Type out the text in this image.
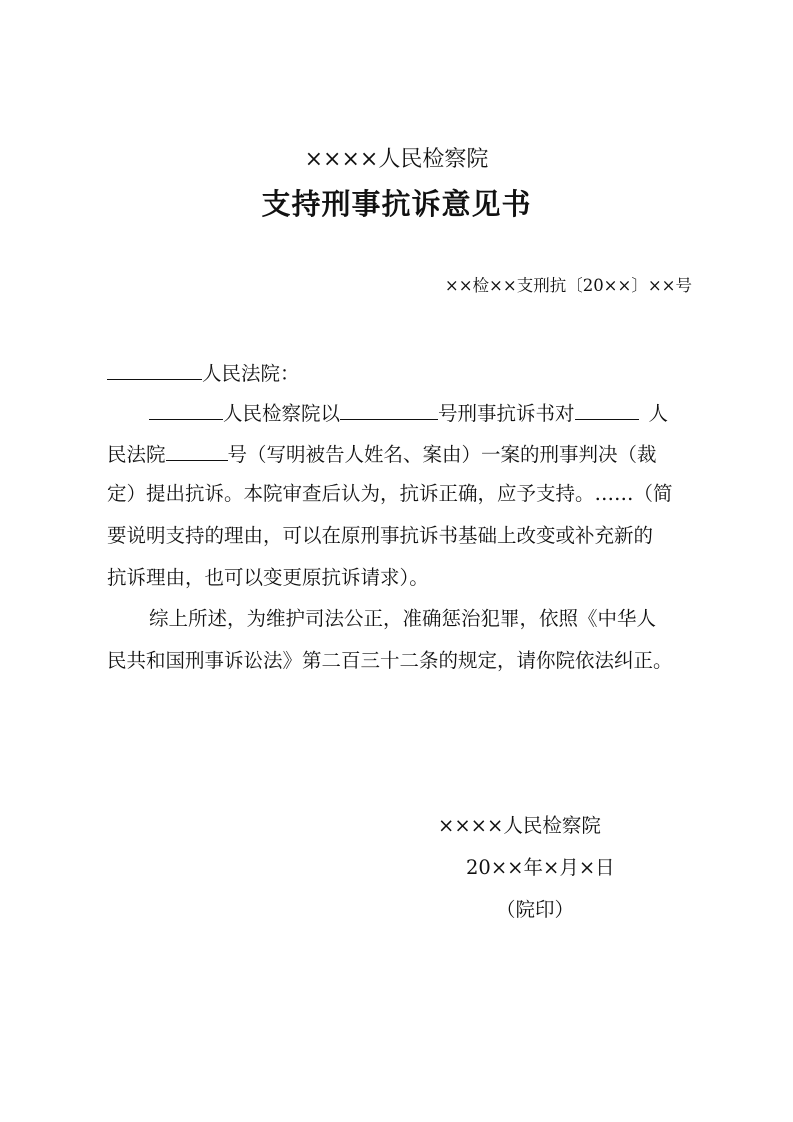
××××人民检察院
支持刑事抗诉意见书
××检××支刑抗〔20××〕××号
人民法院：
人民检察院以	号刑事抗诉书对	人
民法院	号（写明被告人姓名、案由）一案的刑事判决（裁
定）提出抗诉。本院审查后认为，抗诉正确，应予支持。……（简
要说明支持的理由，可以在原刑事抗诉书基础上改变或补充新的
抗诉理由，也可以变更原抗诉请求）。
综上所述，为维护司法公正，准确惩治犯罪，依照《中华人
民共和国刑事诉讼法》第二百三十二条的规定，请你院依法纠正。
××××人民检察院
20××年×月×日
（院印）
